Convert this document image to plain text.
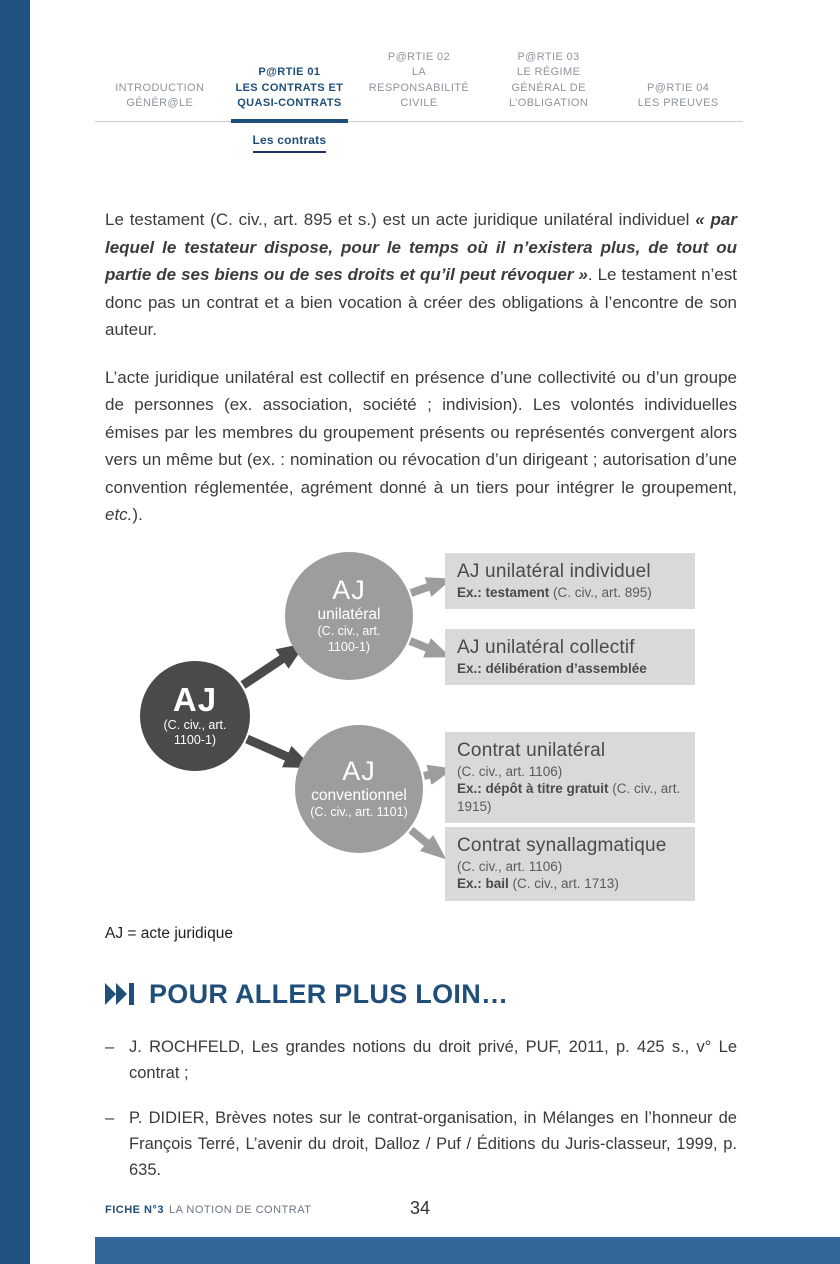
INTRODUCTION
GÉNÉR@LE
P@RTIE 01
LES CONTRATS ET QUASI-CONTRATS
P@RTIE 02
LA RESPONSABILITÉ CIVILE
P@RTIE 03
LE RÉGIME GÉNÉRAL DE L’OBLIGATION
P@RTIE 04
LES PREUVES
Les contrats

Le testament (C. civ., art. 895 et s.) est un acte juridique unilatéral individuel « par lequel le testateur dispose, pour le temps où il n’existera plus, de tout ou partie de ses biens ou de ses droits et qu’il peut révoquer ». Le testament n’est donc pas un contrat et a bien vocation à créer des obligations à l’encontre de son auteur.

L’acte juridique unilatéral est collectif en présence d’une collectivité ou d’un groupe de personnes (ex. association, société ; indivision). Les volontés individuelles émises par les membres du groupement présents ou représentés convergent alors vers un même but (ex. : nomination ou révocation d’un dirigeant ; autorisation d’une convention réglementée, agrément donné à un tiers pour intégrer le groupement, etc.).

AJ
(C. civ., art. 1100-1)
AJ
unilatéral
(C. civ., art. 1100-1)
AJ
conventionnel
(C. civ., art. 1101)
AJ unilatéral individuel
Ex.: testament (C. civ., art. 895)
AJ unilatéral collectif
Ex.: délibération d’assemblée
Contrat unilatéral
(C. civ., art. 1106)
Ex.: dépôt à titre gratuit (C. civ., art. 1915)
Contrat synallagmatique
(C. civ., art. 1106)
Ex.: bail (C. civ., art. 1713)

AJ = acte juridique

POUR ALLER PLUS LOIN…
– J. ROCHFELD, Les grandes notions du droit privé, PUF, 2011, p. 425 s., v° Le contrat ;
– P. DIDIER, Brèves notes sur le contrat-organisation, in Mélanges en l’honneur de François Terré, L’avenir du droit, Dalloz / Puf / Éditions du Juris-classeur, 1999, p. 635.
34
FICHE N°3 LA NOTION DE CONTRAT
